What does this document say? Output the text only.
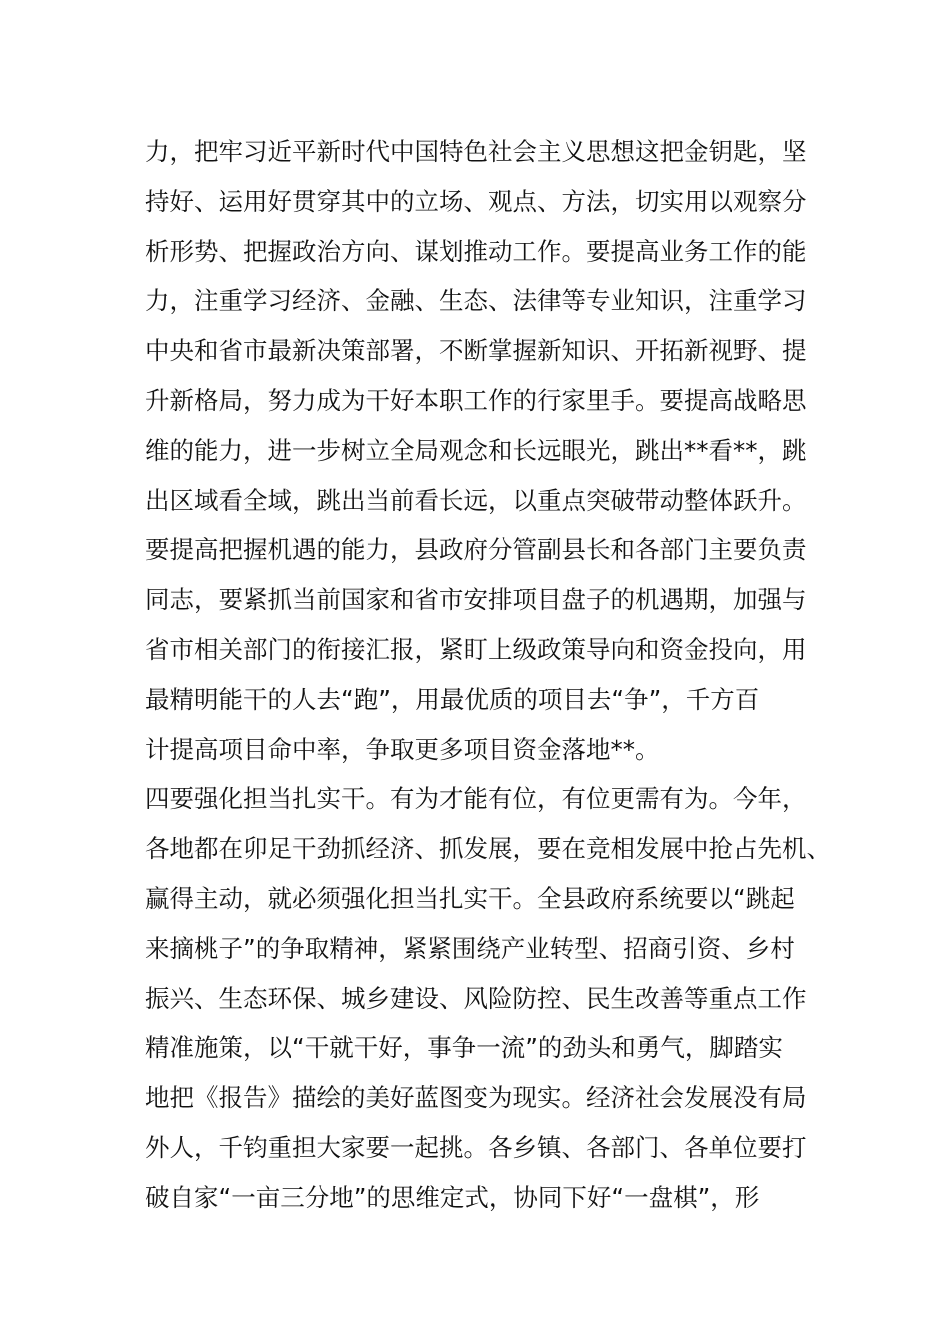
力，把牢习近平新时代中国特色社会主义思想这把金钥匙，坚
持好、运用好贯穿其中的立场、观点、方法，切实用以观察分
析形势、把握政治方向、谋划推动工作。要提高业务工作的能
力，注重学习经济、金融、生态、法律等专业知识，注重学习
中央和省市最新决策部署，不断掌握新知识、开拓新视野、提
升新格局，努力成为干好本职工作的行家里手。要提高战略思
维的能力，进一步树立全局观念和长远眼光，跳出**看**，跳
出区域看全域，跳出当前看长远，以重点突破带动整体跃升。
要提高把握机遇的能力，县政府分管副县长和各部门主要负责
同志，要紧抓当前国家和省市安排项目盘子的机遇期，加强与
省市相关部门的衔接汇报，紧盯上级政策导向和资金投向，用
最精明能干的人去“跑”，用最优质的项目去“争”，千方百
计提高项目命中率，争取更多项目资金落地**。
四要强化担当扎实干。有为才能有位，有位更需有为。今年，
各地都在卯足干劲抓经济、抓发展，要在竞相发展中抢占先机、
赢得主动，就必须强化担当扎实干。全县政府系统要以“跳起
来摘桃子”的争取精神，紧紧围绕产业转型、招商引资、乡村
振兴、生态环保、城乡建设、风险防控、民生改善等重点工作
精准施策，以“干就干好，事争一流”的劲头和勇气，脚踏实
地把《报告》描绘的美好蓝图变为现实。经济社会发展没有局
外人，千钧重担大家要一起挑。各乡镇、各部门、各单位要打
破自家“一亩三分地”的思维定式，协同下好“一盘棋”，形
